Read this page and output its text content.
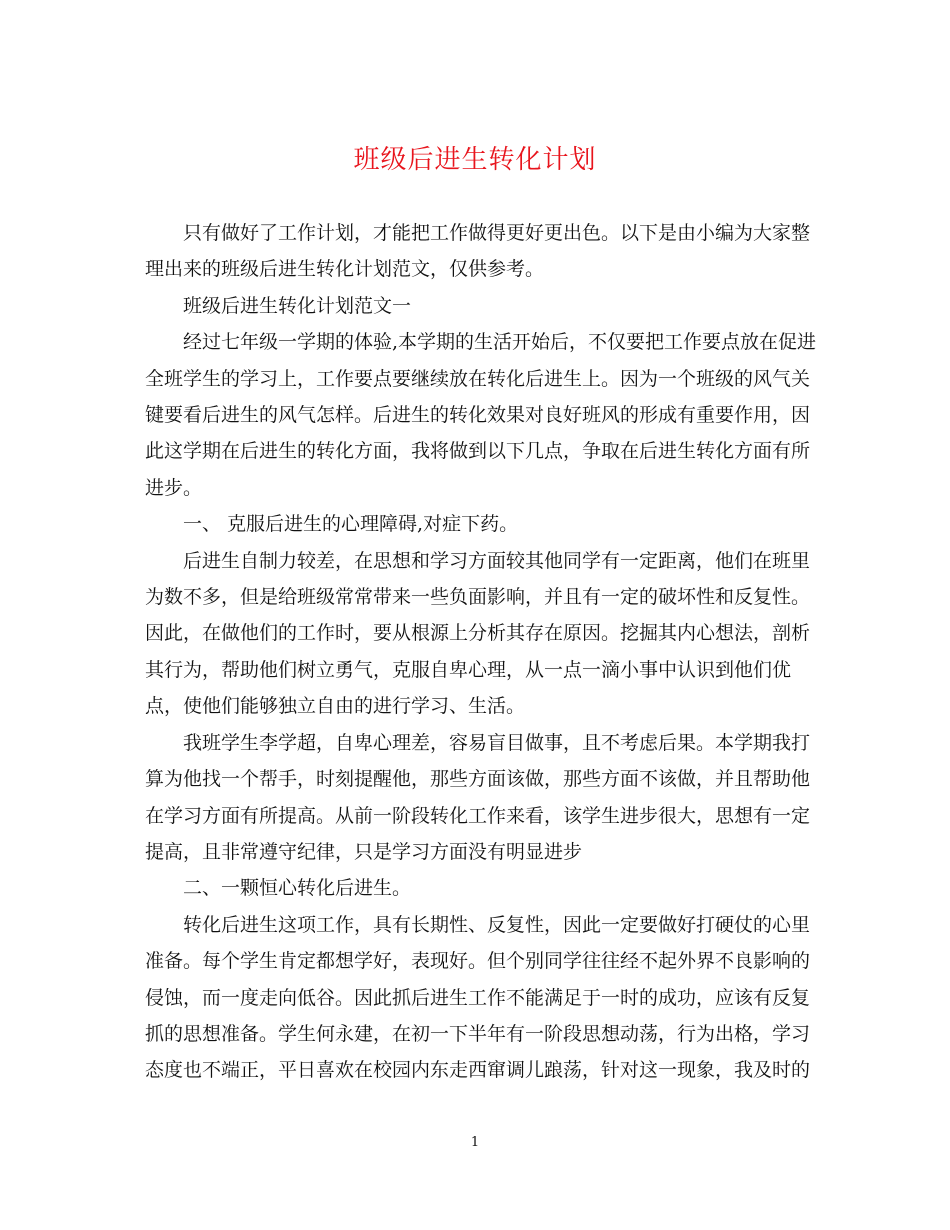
班级后进生转化计划

只有做好了工作计划，才能把工作做得更好更出色。以下是由小编为大家整
理出来的班级后进生转化计划范文，仅供参考。

班级后进生转化计划范文一

经过七年级一学期的体验,本学期的生活开始后，不仅要把工作要点放在促进
全班学生的学习上，工作要点要继续放在转化后进生上。因为一个班级的风气关
键要看后进生的风气怎样。后进生的转化效果对良好班风的形成有重要作用，因
此这学期在后进生的转化方面，我将做到以下几点，争取在后进生转化方面有所
进步。

一、 克服后进生的心理障碍,对症下药。

后进生自制力较差，在思想和学习方面较其他同学有一定距离，他们在班里
为数不多，但是给班级常常带来一些负面影响，并且有一定的破坏性和反复性。
因此，在做他们的工作时，要从根源上分析其存在原因。挖掘其内心想法，剖析
其行为，帮助他们树立勇气，克服自卑心理，从一点一滴小事中认识到他们优
点，使他们能够独立自由的进行学习、生活。

我班学生李学超，自卑心理差，容易盲目做事，且不考虑后果。本学期我打
算为他找一个帮手，时刻提醒他，那些方面该做，那些方面不该做，并且帮助他
在学习方面有所提高。从前一阶段转化工作来看，该学生进步很大，思想有一定
提高，且非常遵守纪律，只是学习方面没有明显进步

二、一颗恒心转化后进生。

转化后进生这项工作，具有长期性、反复性，因此一定要做好打硬仗的心里
准备。每个学生肯定都想学好，表现好。但个别同学往往经不起外界不良影响的
侵蚀，而一度走向低谷。因此抓后进生工作不能满足于一时的成功，应该有反复
抓的思想准备。学生何永建，在初一下半年有一阶段思想动荡，行为出格，学习
态度也不端正，平日喜欢在校园内东走西窜调儿踉荡，针对这一现象，我及时的

1
